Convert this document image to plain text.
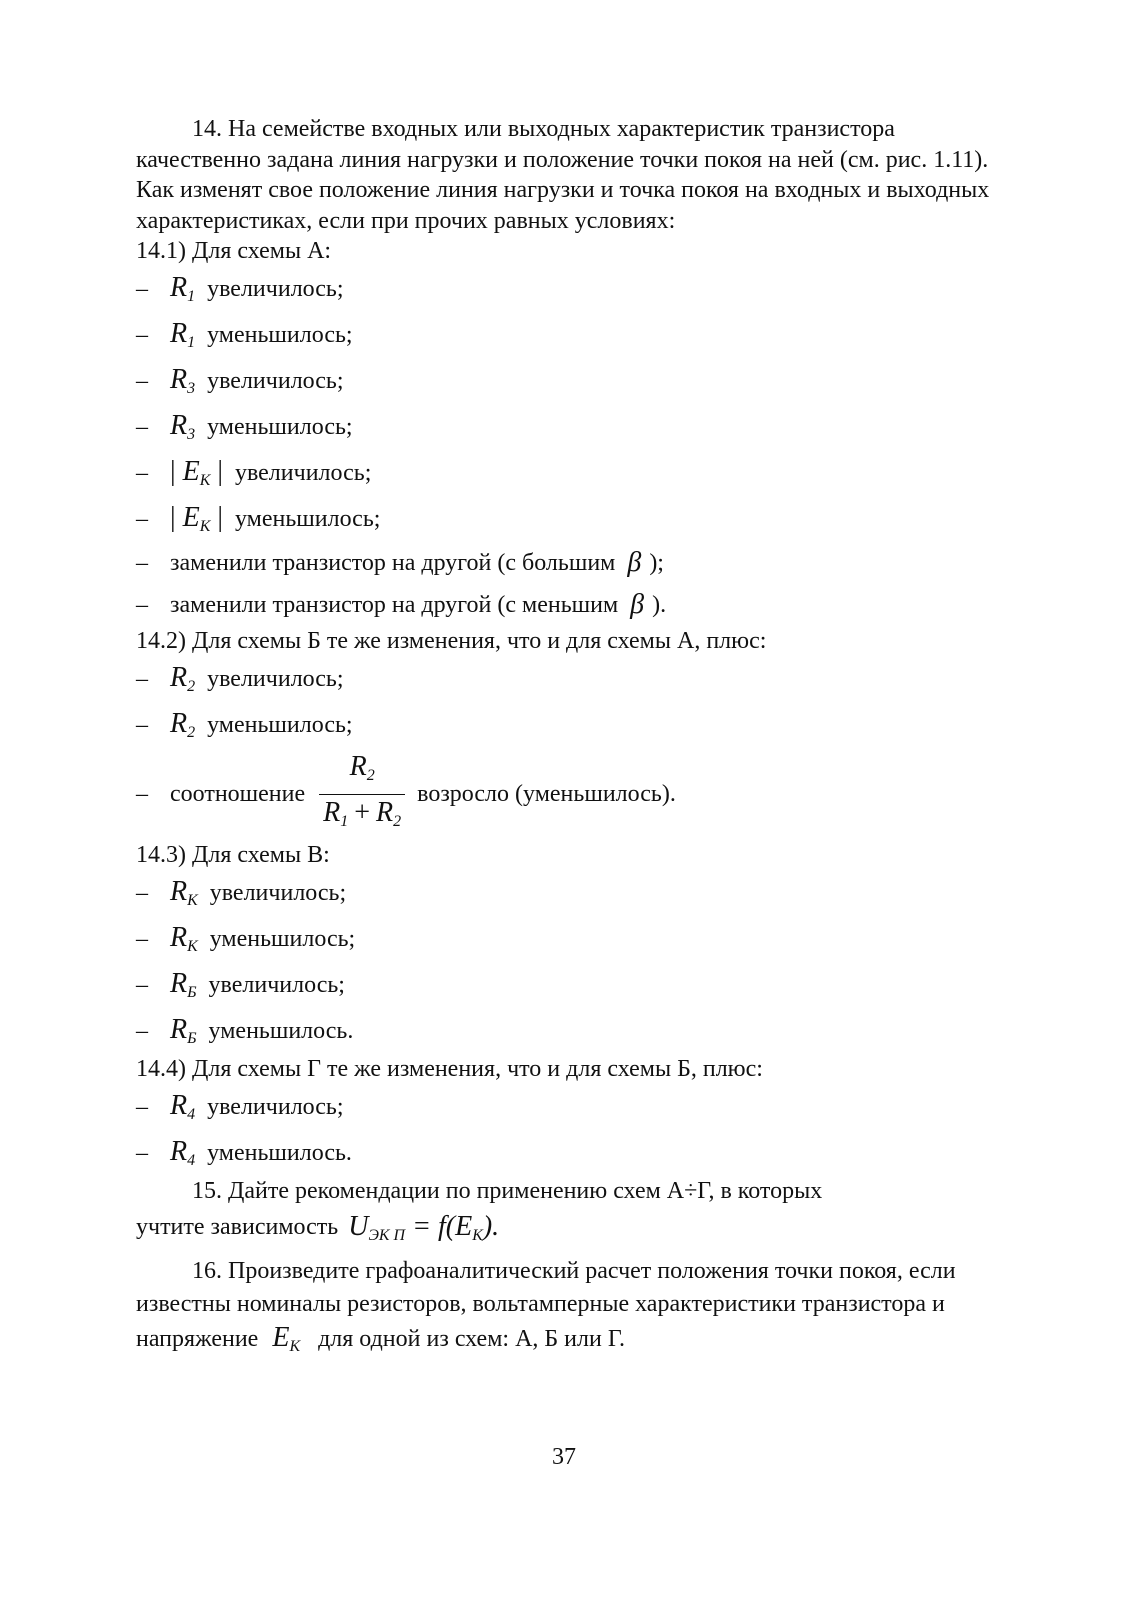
14. На семействе входных или выходных характеристик транзистора качественно задана линия нагрузки и положение точки покоя на ней (см. рис. 1.11). Как изменят свое положение линия нагрузки и точка покоя на входных и выходных характеристиках, если при прочих равных условиях:

14.1) Для схемы А:

– $R_1$ увеличилось;
– $R_1$ уменьшилось;
– $R_3$ увеличилось;
– $R_3$ уменьшилось;
– | $E_К$ | увеличилось;
– | $E_К$ | уменьшилось;
– заменили транзистор на другой (с большим β );
– заменили транзистор на другой (с меньшим β ).

14.2) Для схемы Б те же изменения, что и для схемы А, плюс:

– $R_2$ увеличилось;
– $R_2$ уменьшилось;
– соотношение $\frac{R_2}{R_1 + R_2}$ возросло (уменьшилось).

14.3) Для схемы В:

– $R_К$ увеличилось;
– $R_К$ уменьшилось;
– $R_Б$ увеличилось;
– $R_Б$ уменьшилось.

14.4) Для схемы Г те же изменения, что и для схемы Б, плюс:

– $R_4$ увеличилось;
– $R_4$ уменьшилось.

15. Дайте рекомендации по применению схем А÷Г, в которых

учтите зависимость $U_{ЭК П} = f(E_К)$.

16. Произведите графоаналитический расчет положения точки покоя, если известны номиналы резисторов, вольтамперные характеристики транзистора и напряжение $E_К$ для одной из схем: А, Б или Г.

37
